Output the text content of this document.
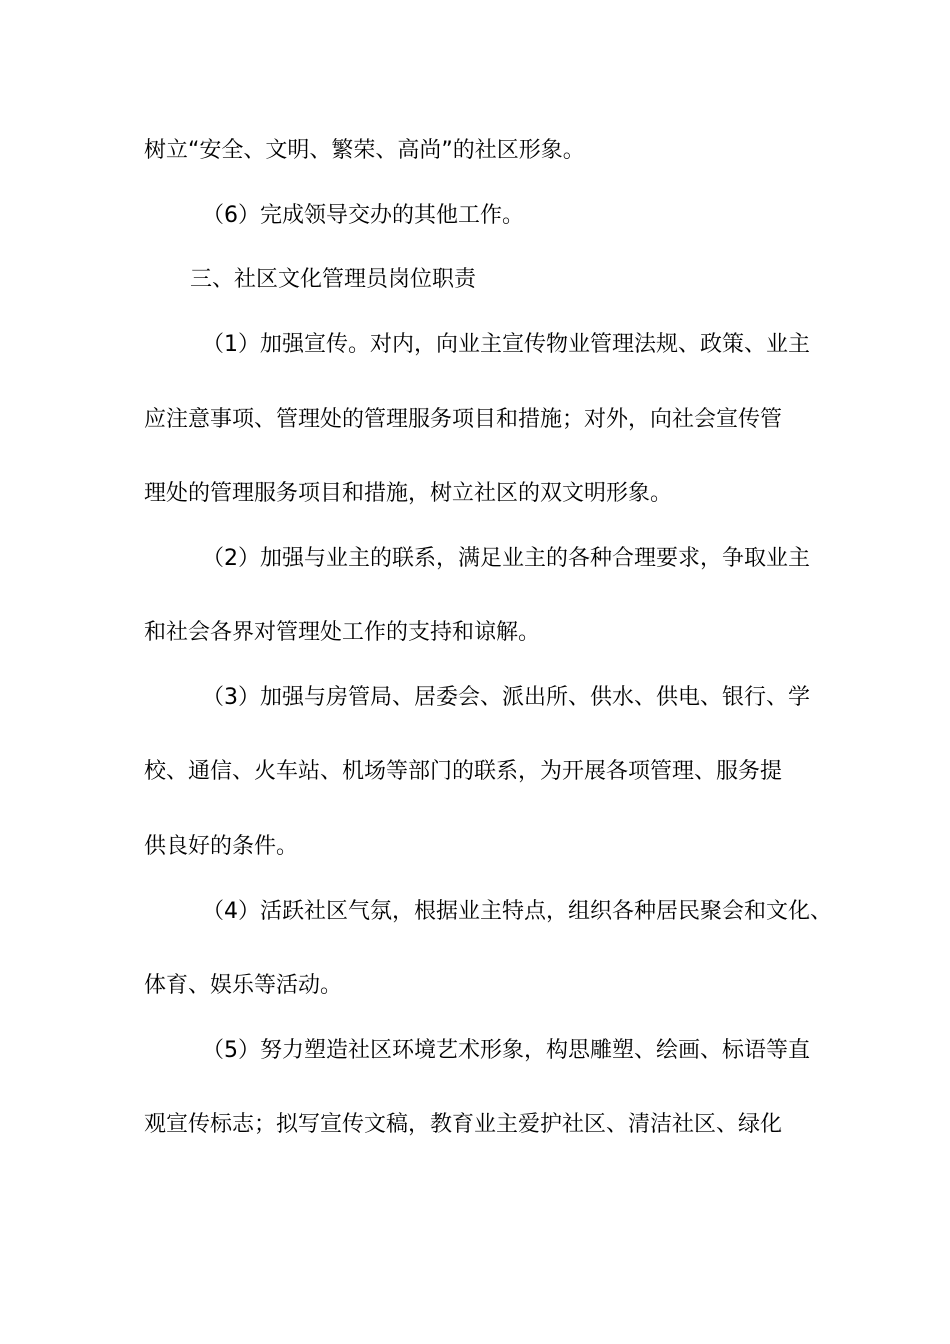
树立“安全、文明、繁荣、高尚”的社区形象。
（6）完成领导交办的其他工作。
三、社区文化管理员岗位职责
（1）加强宣传。对内，向业主宣传物业管理法规、政策、业主
应注意事项、管理处的管理服务项目和措施；对外，向社会宣传管
理处的管理服务项目和措施，树立社区的双文明形象。
（2）加强与业主的联系，满足业主的各种合理要求，争取业主
和社会各界对管理处工作的支持和谅解。
（3）加强与房管局、居委会、派出所、供水、供电、银行、学
校、通信、火车站、机场等部门的联系，为开展各项管理、服务提
供良好的条件。
（4）活跃社区气氛，根据业主特点，组织各种居民聚会和文化、
体育、娱乐等活动。
（5）努力塑造社区环境艺术形象，构思雕塑、绘画、标语等直
观宣传标志；拟写宣传文稿，教育业主爱护社区、清洁社区、绿化
